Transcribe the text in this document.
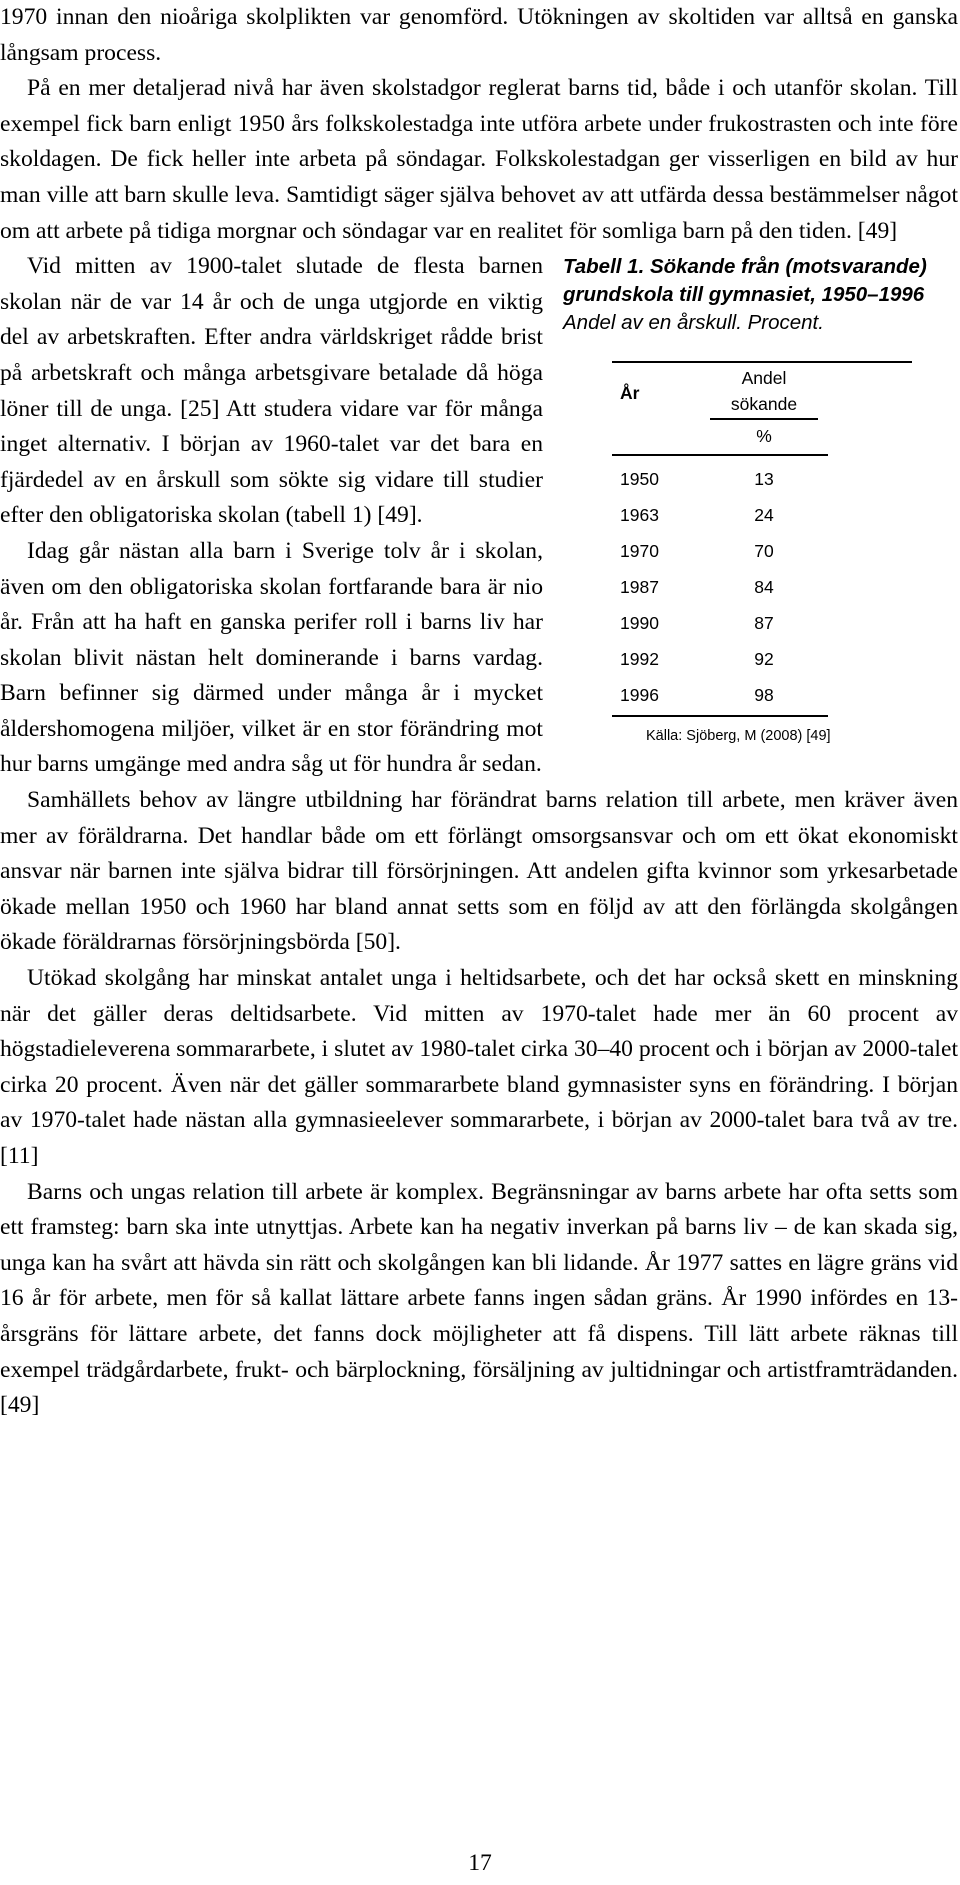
1970 innan den nioåriga skolplikten var genomförd. Utökningen av skoltiden var alltså en ganska långsam process.

På en mer detaljerad nivå har även skolstadgor reglerat barns tid, både i och utanför skolan. Till exempel fick barn enligt 1950 års folkskolestadga inte utföra arbete under frukostrasten och inte före skoldagen. De fick heller inte arbeta på söndagar. Folkskolestadgan ger visserligen en bild av hur man ville att barn skulle leva. Samtidigt säger själva behovet av att utfärda dessa bestämmelser något om att arbete på tidiga morgnar och söndagar var en realitet för somliga barn på den tiden. [49]

Tabell 1. Sökande från (motsvarande) grundskola till gymnasiet, 1950–1996
Andel av en årskull. Procent.
År
Andel sökande
%
1950	13
1963	24
1970	70
1987	84
1990	87
1992	92
1996	98
Källa: Sjöberg, M (2008) [49]

Vid mitten av 1900-talet slutade de flesta barnen skolan när de var 14 år och de unga utgjorde en viktig del av arbetskraften. Efter andra världskriget rådde brist på arbetskraft och många arbetsgivare betalade då höga löner till de unga. [25] Att studera vidare var för många inget alternativ. I början av 1960-talet var det bara en fjärdedel av en årskull som sökte sig vidare till studier efter den obligatoriska skolan (tabell 1) [49].

Idag går nästan alla barn i Sverige tolv år i skolan, även om den obligatoriska skolan fortfarande bara är nio år. Från att ha haft en ganska perifer roll i barns liv har skolan blivit nästan helt dominerande i barns vardag. Barn befinner sig därmed under många år i mycket åldershomogena miljöer, vilket är en stor förändring mot hur barns umgänge med andra såg ut för hundra år sedan.

Samhällets behov av längre utbildning har förändrat barns relation till arbete, men kräver även mer av föräldrarna. Det handlar både om ett förlängt omsorgsansvar och om ett ökat ekonomiskt ansvar när barnen inte själva bidrar till försörjningen. Att andelen gifta kvinnor som yrkesarbetade ökade mellan 1950 och 1960 har bland annat setts som en följd av att den förlängda skolgången ökade föräldrarnas försörjningsbörda [50].

Utökad skolgång har minskat antalet unga i heltidsarbete, och det har också skett en minskning när det gäller deras deltidsarbete. Vid mitten av 1970-talet hade mer än 60 procent av högstadieleverena sommararbete, i slutet av 1980-talet cirka 30–40 procent och i början av 2000-talet cirka 20 procent. Även när det gäller sommararbete bland gymnasister syns en förändring. I början av 1970-talet hade nästan alla gymnasieelever sommararbete, i början av 2000-talet bara två av tre. [11]

Barns och ungas relation till arbete är komplex. Begränsningar av barns arbete har ofta setts som ett framsteg: barn ska inte utnyttjas. Arbete kan ha negativ inverkan på barns liv – de kan skada sig, unga kan ha svårt att hävda sin rätt och skolgången kan bli lidande. År 1977 sattes en lägre gräns vid 16 år för arbete, men för så kallat lättare arbete fanns ingen sådan gräns. År 1990 infördes en 13-årsgräns för lättare arbete, det fanns dock möjligheter att få dispens. Till lätt arbete räknas till exempel trädgårdarbete, frukt- och bärplockning, försäljning av jultidningar och artistframträdanden. [49]

17
